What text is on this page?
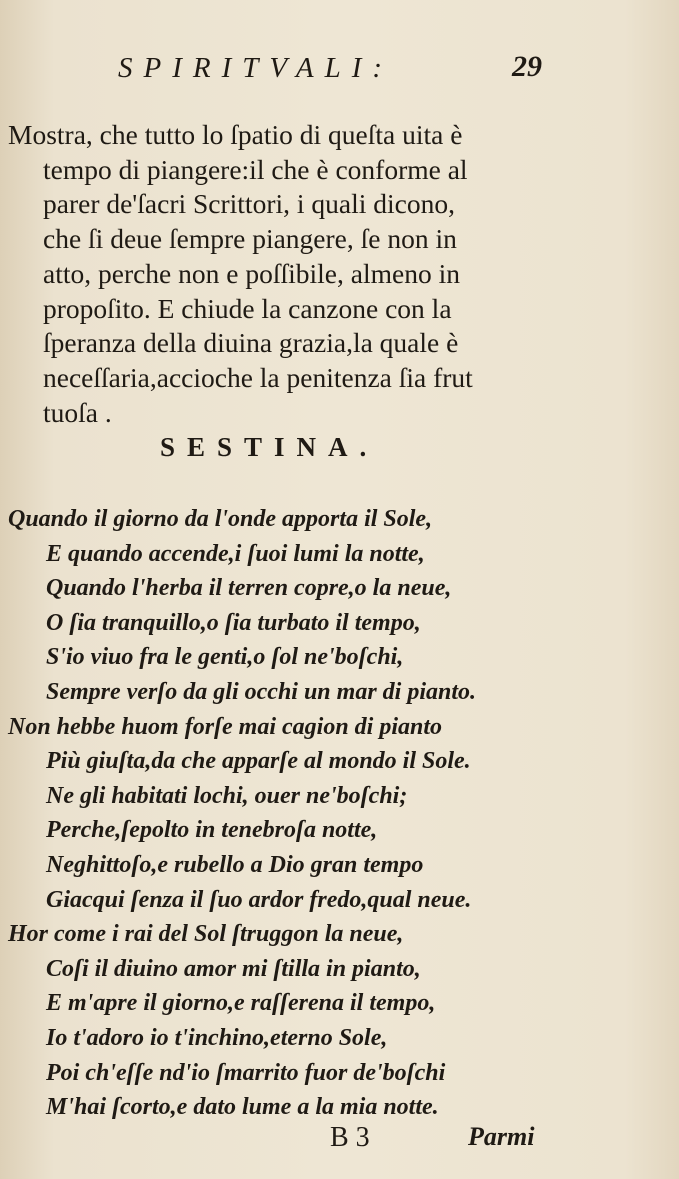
SPIRITVALI:	29
Mostra, che tutto lo ſpatio di queſta uita è
tempo di piangere:il che è conforme al
parer de'ſacri Scrittori, i quali dicono,
che ſi deue ſempre piangere, ſe non in
atto, perche non e poſſibile, almeno in
propoſito. E chiude la canzone con la
ſperanza della diuina grazia,la quale è
neceſſaria,accioche la penitenza ſia frut
tuoſa .
SESTINA.
Quando il giorno da l'onde apporta il Sole,
E quando accende,i ſuoi lumi la notte,
Quando l'herba il terren copre,o la neue,
O ſia tranquillo,o ſia turbato il tempo,
S'io viuo fra le genti,o ſol ne'boſchi,
Sempre verſo da gli occhi un mar di pianto.
Non hebbe huom forſe mai cagion di pianto
Più giuſta,da che apparſe al mondo il Sole.
Ne gli habitati lochi, ouer ne'boſchi;
Perche,ſepolto in tenebroſa notte,
Neghittoſo,e rubello a Dio gran tempo
Giacqui ſenza il ſuo ardor fredo,qual neue.
Hor come i rai del Sol ſtruggon la neue,
Coſi il diuino amor mi ſtilla in pianto,
E m'apre il giorno,e raſſerena il tempo,
Io t'adoro io t'inchino,eterno Sole,
Poi ch'eſſe nd'io ſmarrito fuor de'boſchi
M'hai ſcorto,e dato lume a la mia notte.
B 3	Parmi
